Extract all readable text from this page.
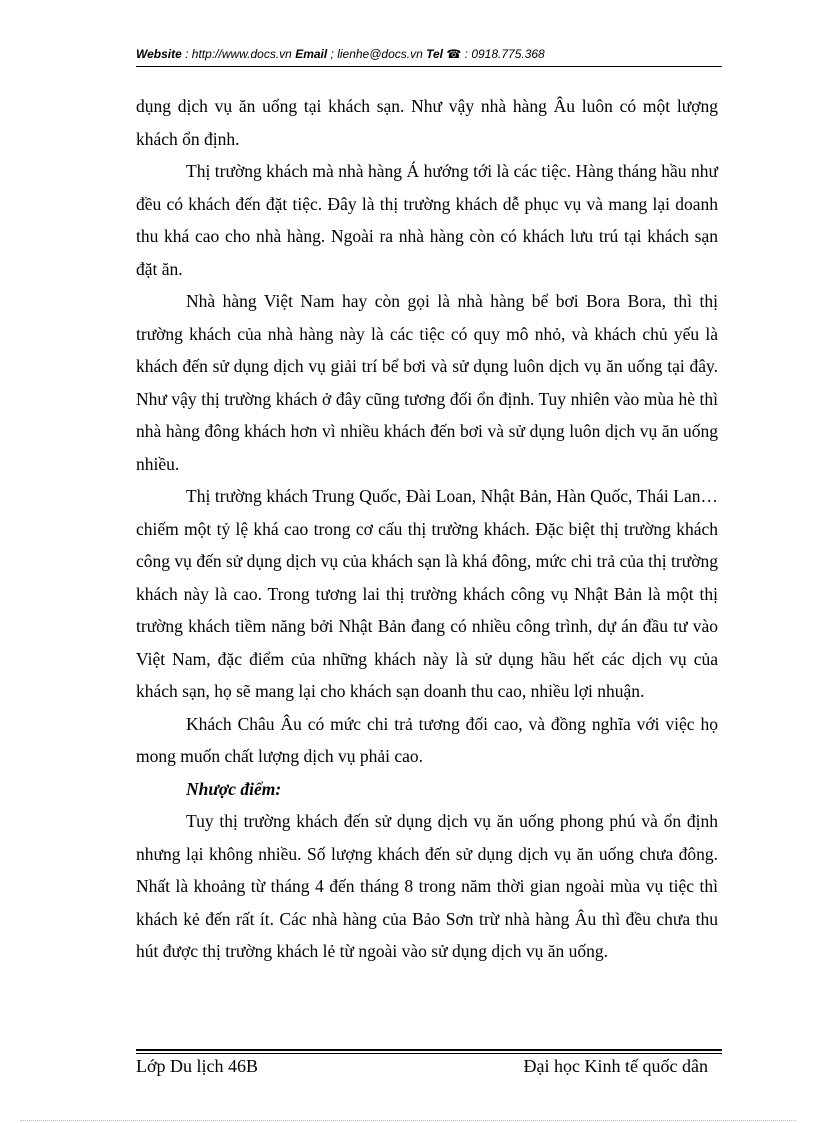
Website : http://www.docs.vn Email ; lienhe@docs.vn Tel ☎ : 0918.775.368

dụng dịch vụ ăn uống tại khách sạn. Như vậy nhà hàng Âu luôn có một lượng khách ổn định.

Thị trường khách mà nhà hàng Á hướng tới là các tiệc. Hàng tháng hầu như đều có khách đến đặt tiệc. Đây là thị trường khách dễ phục vụ và mang lại doanh thu khá cao cho nhà hàng. Ngoài ra nhà hàng còn có khách lưu trú tại khách sạn đặt ăn.

Nhà hàng Việt Nam hay còn gọi là nhà hàng bể bơi Bora Bora, thì thị trường khách của nhà hàng này là các tiệc có quy mô nhỏ, và khách chủ yếu là khách đến sử dụng dịch vụ giải trí bể bơi và sử dụng luôn dịch vụ ăn uống tại đây. Như vậy thị trường khách ở đây cũng tương đối ổn định. Tuy nhiên vào mùa hè thì nhà hàng đông khách hơn vì nhiều khách đến bơi và sử dụng luôn dịch vụ ăn uống nhiều.

Thị trường khách Trung Quốc, Đài Loan, Nhật Bản, Hàn Quốc, Thái Lan… chiếm một tỷ lệ khá cao trong cơ cấu thị trường khách. Đặc biệt thị trường khách công vụ đến sử dụng dịch vụ của khách sạn là khá đông, mức chi trả của thị trường khách này là cao. Trong tương lai thị trường khách công vụ Nhật Bản là một thị trường khách tiềm năng bởi Nhật Bản đang có nhiều công trình, dự án đầu tư vào Việt Nam, đặc điểm của những khách này là sử dụng hầu hết các dịch vụ của khách sạn, họ sẽ mang lại cho khách sạn doanh thu cao, nhiều lợi nhuận.

Khách Châu Âu có mức chi trả tương đối cao, và đồng nghĩa với việc họ mong muốn chất lượng dịch vụ phải cao.

Nhược điểm:

Tuy thị trường khách đến sử dụng dịch vụ ăn uống phong phú và ổn định nhưng lại không nhiều. Số lượng khách đến sử dụng dịch vụ ăn uống chưa đông. Nhất là khoảng từ tháng 4 đến tháng 8 trong năm thời gian ngoài mùa vụ tiệc thì khách kẻ đến rất ít. Các nhà hàng của Bảo Sơn trừ nhà hàng Âu thì đều chưa thu hút được thị trường khách lẻ từ ngoài vào sử dụng dịch vụ ăn uống.

Lớp Du lịch 46B	Đại học Kinh tế quốc dân
